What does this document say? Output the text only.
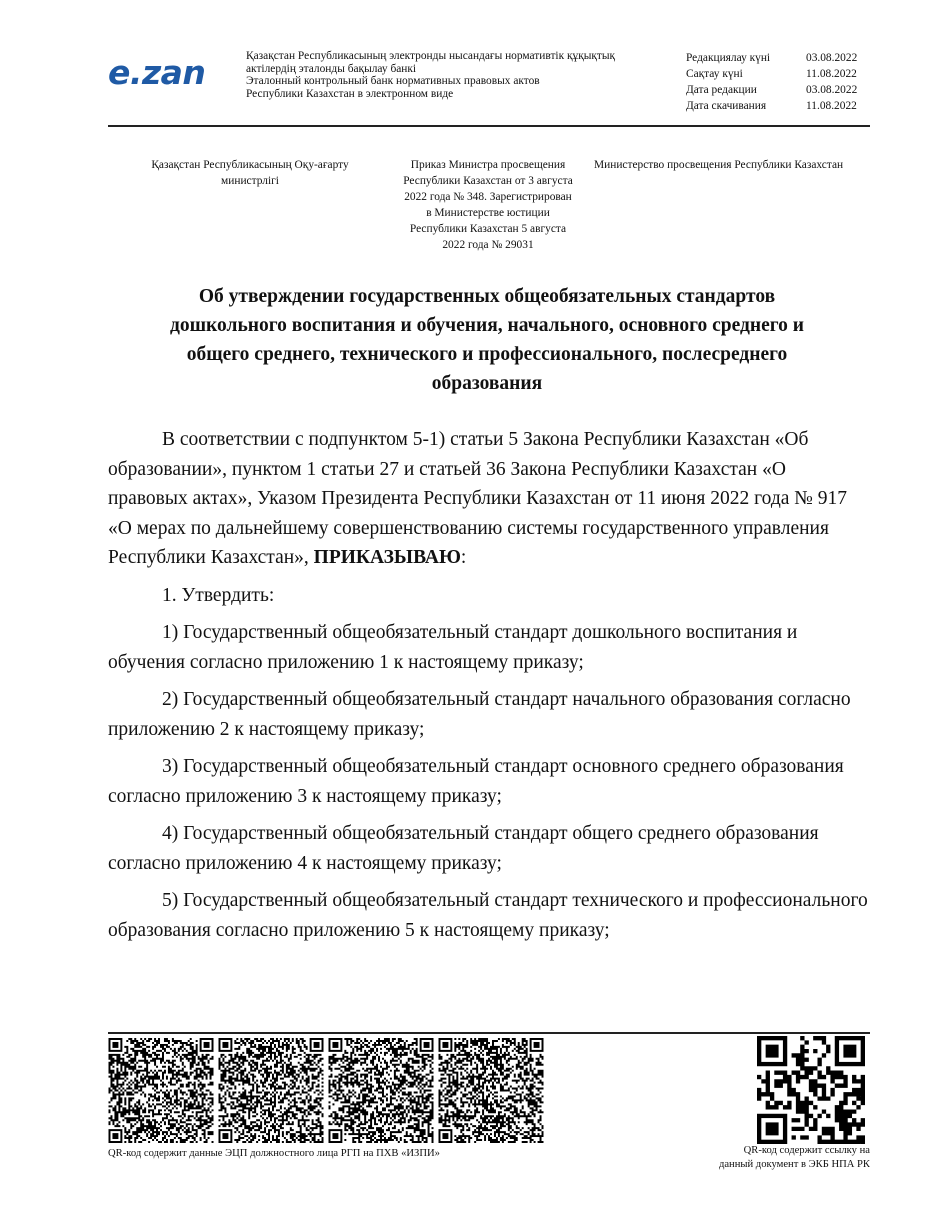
e.zan	Қазақстан Республикасының электронды нысандағы нормативтік құқықтық
актілердің эталонды бақылау банкі
Эталонный контрольный банк нормативных правовых актов
Республики Казахстан в электронном виде
Редакциялау күні	03.08.2022
Сақтау күні	11.08.2022
Дата редакции	03.08.2022
Дата скачивания	11.08.2022
Қазақстан Республикасының Оқу-ағарту
министрлігі
Приказ Министра просвещения
Республики Казахстан от 3 августа
2022 года № 348. Зарегистрирован
в Министерстве юстиции
Республики Казахстан 5 августа
2022 года № 29031
Министерство просвещения Республики Казахстан
Об утверждении государственных общеобязательных стандартов
дошкольного воспитания и обучения, начального, основного среднего и
общего среднего, технического и профессионального, послесреднего
образования

В соответствии с подпунктом 5-1) статьи 5 Закона Республики Казахстан «Об образовании», пунктом 1 статьи 27 и статьей 36 Закона Республики Казахстан «О правовых актах», Указом Президента Республики Казахстан от 11 июня 2022 года № 917 «О мерах по дальнейшему совершенствованию системы государственного управления Республики Казахстан», ПРИКАЗЫВАЮ:

1. Утвердить:

1) Государственный общеобязательный стандарт дошкольного воспитания и обучения согласно приложению 1 к настоящему приказу;

2) Государственный общеобязательный стандарт начального образования согласно приложению 2 к настоящему приказу;

3) Государственный общеобязательный стандарт основного среднего образования согласно приложению 3 к настоящему приказу;

4) Государственный общеобязательный стандарт общего среднего образования согласно приложению 4 к настоящему приказу;

5) Государственный общеобязательный стандарт технического и профессионального образования согласно приложению 5 к настоящему приказу;

QR-код содержит данные ЭЦП должностного лица РГП на ПХВ «ИЗПИ»	QR-код содержит ссылку на
данный документ в ЭКБ НПА РК
